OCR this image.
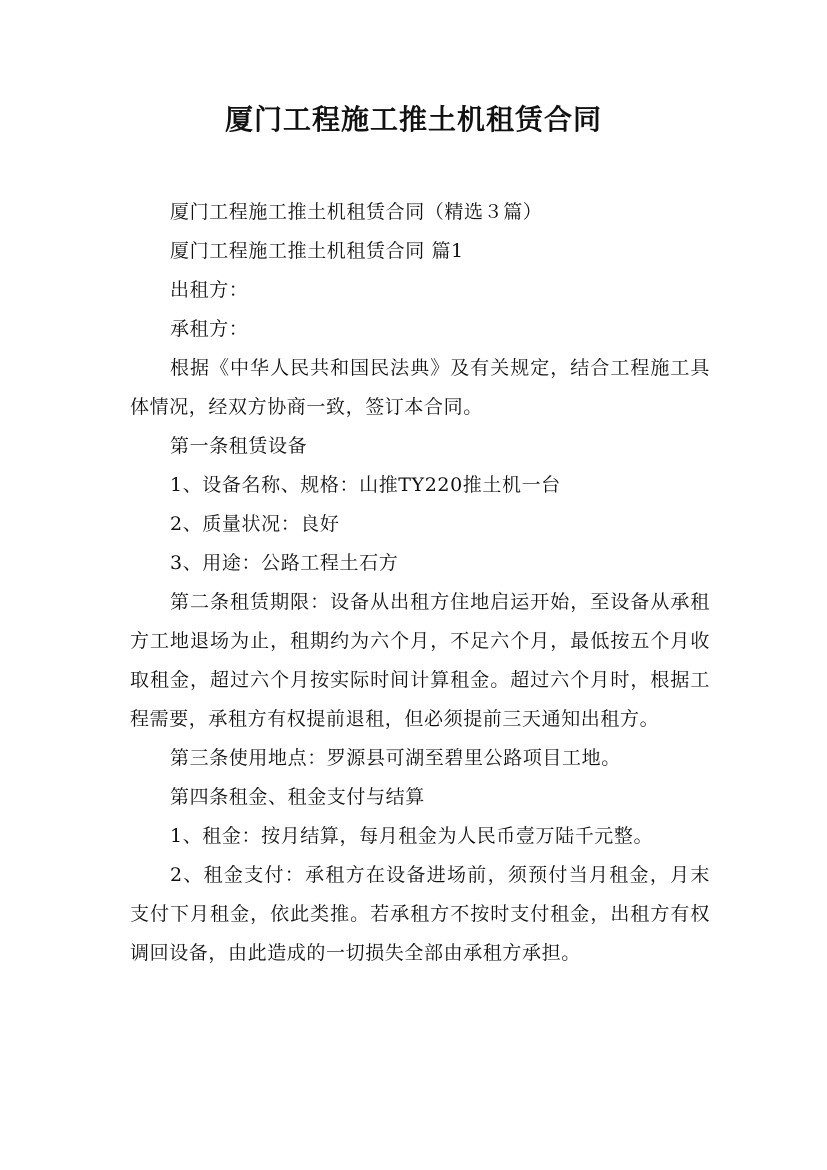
厦门工程施工推土机租赁合同

厦门工程施工推土机租赁合同（精选３篇）

厦门工程施工推土机租赁合同 篇1

出租方：

承租方：

根据《中华人民共和国民法典》及有关规定，结合工程施工具体情况，经双方协商一致，签订本合同。

第一条租赁设备

1、设备名称、规格：山推TY220推土机一台

2、质量状况：良好

3、用途：公路工程土石方

第二条租赁期限：设备从出租方住地启运开始，至设备从承租方工地退场为止，租期约为六个月，不足六个月，最低按五个月收取租金，超过六个月按实际时间计算租金。超过六个月时，根据工程需要，承租方有权提前退租，但必须提前三天通知出租方。

第三条使用地点：罗源县可湖至碧里公路项目工地。

第四条租金、租金支付与结算

1、租金：按月结算，每月租金为人民币壹万陆千元整。

2、租金支付：承租方在设备进场前，须预付当月租金，月末支付下月租金，依此类推。若承租方不按时支付租金，出租方有权调回设备，由此造成的一切损失全部由承租方承担。
